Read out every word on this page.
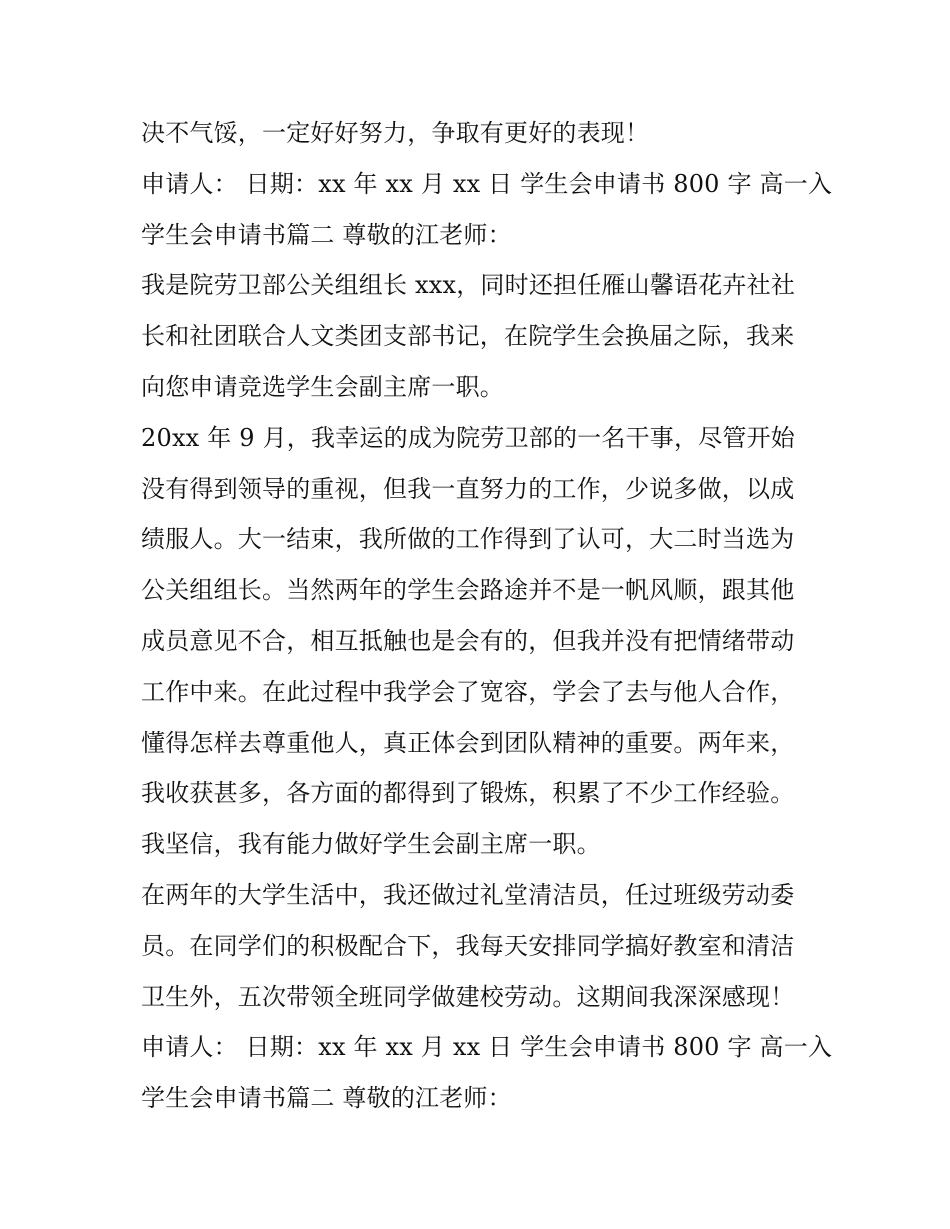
决不气馁，一定好好努力，争取有更好的表现！
申请人： 日期：xx 年 xx 月 xx 日 学生会申请书 800 字 高一入
学生会申请书篇二 尊敬的江老师：
我是院劳卫部公关组组长 xxx，同时还担任雁山馨语花卉社社
长和社团联合人文类团支部书记，在院学生会换届之际，我来
向您申请竞选学生会副主席一职。
20xx 年 9 月，我幸运的成为院劳卫部的一名干事，尽管开始
没有得到领导的重视，但我一直努力的工作，少说多做，以成
绩服人。大一结束，我所做的工作得到了认可，大二时当选为
公关组组长。当然两年的学生会路途并不是一帆风顺，跟其他
成员意见不合，相互抵触也是会有的，但我并没有把情绪带动
工作中来。在此过程中我学会了宽容，学会了去与他人合作，
懂得怎样去尊重他人，真正体会到团队精神的重要。两年来，
我收获甚多，各方面的都得到了锻炼，积累了不少工作经验。
我坚信，我有能力做好学生会副主席一职。
在两年的大学生活中，我还做过礼堂清洁员，任过班级劳动委
员。在同学们的积极配合下，我每天安排同学搞好教室和清洁
卫生外，五次带领全班同学做建校劳动。这期间我深深感现！
申请人： 日期：xx 年 xx 月 xx 日 学生会申请书 800 字 高一入
学生会申请书篇二 尊敬的江老师：
